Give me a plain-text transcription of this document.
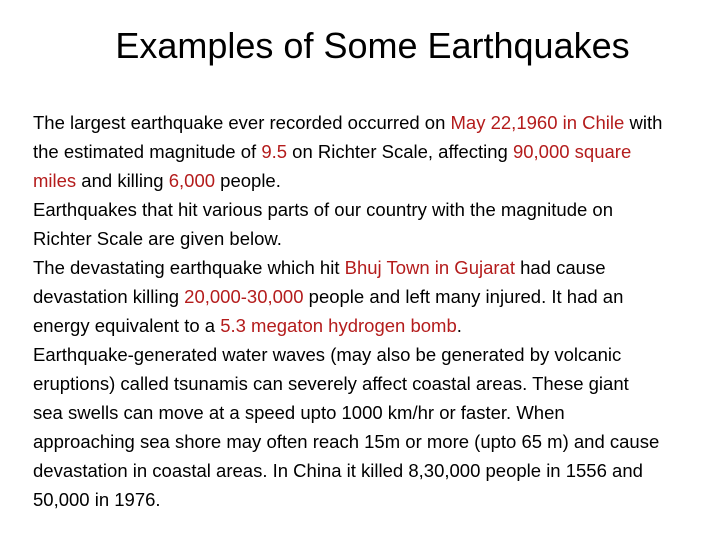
Examples of Some Earthquakes
The largest earthquake ever recorded occurred on May 22,1960 in Chile with
the estimated magnitude of 9.5 on Richter Scale, affecting 90,000 square
miles and killing 6,000 people.
Earthquakes that hit various parts of our country with the magnitude on
Richter Scale are given below.
The devastating earthquake which hit Bhuj Town in Gujarat had cause
devastation killing 20,000-30,000 people and left many injured. It had an
energy equivalent to a 5.3 megaton hydrogen bomb.
Earthquake-generated water waves (may also be generated by volcanic
eruptions) called tsunamis can severely affect coastal areas. These giant
sea swells can move at a speed upto 1000 km/hr or faster. When
approaching sea shore may often reach 15m or more (upto 65 m) and cause
devastation in coastal areas. In China it killed 8,30,000 people in 1556 and
50,000 in 1976.
